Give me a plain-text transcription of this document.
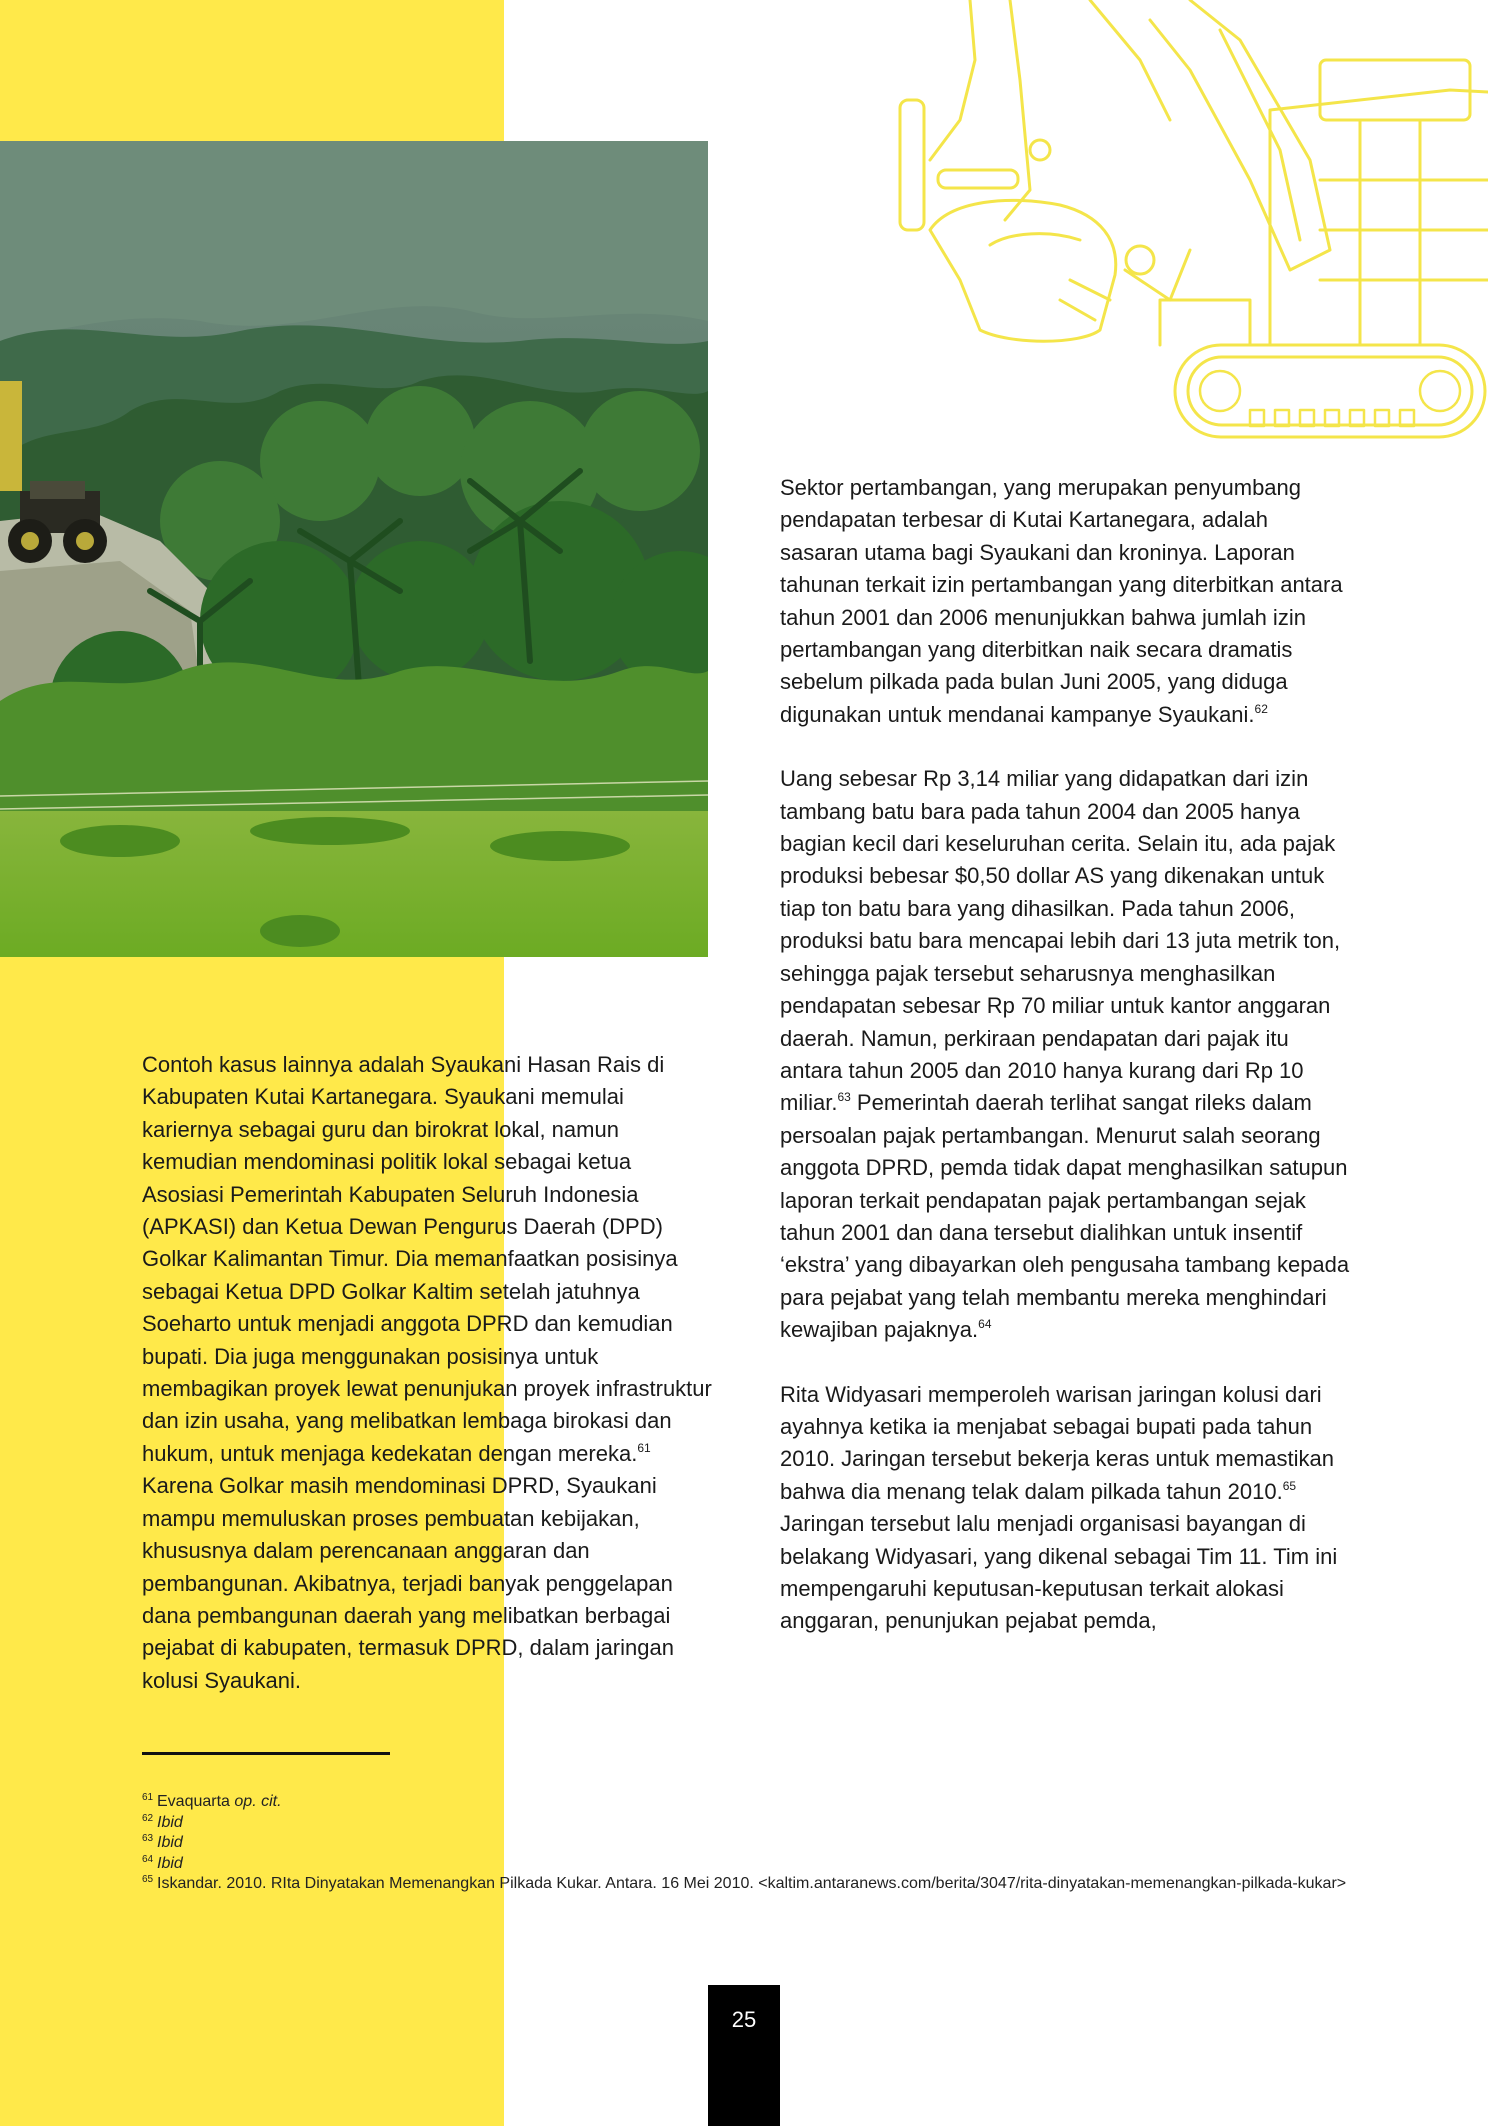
Contoh kasus lainnya adalah Syaukani Hasan Rais di Kabupaten Kutai Kartanegara. Syaukani memulai kariernya sebagai guru dan birokrat lokal, namun kemudian mendominasi politik lokal sebagai ketua Asosiasi Pemerintah Kabupaten Seluruh Indonesia (APKASI) dan Ketua Dewan Pengurus Daerah (DPD) Golkar Kalimantan Timur. Dia memanfaatkan posisinya sebagai Ketua DPD Golkar Kaltim setelah jatuhnya Soeharto untuk menjadi anggota DPRD dan kemudian bupati. Dia juga menggunakan posisinya untuk membagikan proyek lewat penunjukan proyek infrastruktur dan izin usaha, yang melibatkan lembaga birokasi dan hukum, untuk menjaga kedekatan dengan mereka.$^{61}$ Karena Golkar masih mendominasi DPRD, Syaukani mampu memuluskan proses pembuatan kebijakan, khususnya dalam perencanaan anggaran dan pembangunan. Akibatnya, terjadi banyak penggelapan dana pembangunan daerah yang melibatkan berbagai pejabat di kabupaten, termasuk DPRD, dalam jaringan kolusi Syaukani.

Sektor pertambangan, yang merupakan penyumbang pendapatan terbesar di Kutai Kartanegara, adalah sasaran utama bagi Syaukani dan kroninya. Laporan tahunan terkait izin pertambangan yang diterbitkan antara tahun 2001 dan 2006 menunjukkan bahwa jumlah izin pertambangan yang diterbitkan naik secara dramatis sebelum pilkada pada bulan Juni 2005, yang diduga digunakan untuk mendanai kampanye Syaukani.$^{62}$

Uang sebesar Rp 3,14 miliar yang didapatkan dari izin tambang batu bara pada tahun 2004 dan 2005 hanya bagian kecil dari keseluruhan cerita. Selain itu, ada pajak produksi bebesar $0,50 dollar AS yang dikenakan untuk tiap ton batu bara yang dihasilkan. Pada tahun 2006, produksi batu bara mencapai lebih dari 13 juta metrik ton, sehingga pajak tersebut seharusnya menghasilkan pendapatan sebesar Rp 70 miliar untuk kantor anggaran daerah. Namun, perkiraan pendapatan dari pajak itu antara tahun 2005 dan 2010 hanya kurang dari Rp 10 miliar.$^{63}$ Pemerintah daerah terlihat sangat rileks dalam persoalan pajak pertambangan. Menurut salah seorang anggota DPRD, pemda tidak dapat menghasilkan satupun laporan terkait pendapatan pajak pertambangan sejak tahun 2001 dan dana tersebut dialihkan untuk insentif ‘ekstra’ yang dibayarkan oleh pengusaha tambang kepada para pejabat yang telah membantu mereka menghindari kewajiban pajaknya.$^{64}$

Rita Widyasari memperoleh warisan jaringan kolusi dari ayahnya ketika ia menjabat sebagai bupati pada tahun 2010. Jaringan tersebut bekerja keras untuk memastikan bahwa dia menang telak dalam pilkada tahun 2010.65 Jaringan tersebut lalu menjadi organisasi bayangan di belakang Widyasari, yang dikenal sebagai Tim 11. Tim ini mempengaruhi keputusan-keputusan terkait alokasi anggaran, penunjukan pejabat pemda,

61 Evaquarta op. cit.
62 Ibid
63 Ibid
64 Ibid
65 Iskandar. 2010. RIta Dinyatakan Memenangkan Pilkada Kukar. Antara. 16 Mei 2010. <kaltim.antaranews.com/berita/3047/rita-dinyatakan-memenangkan-pilkada-kukar>
25
